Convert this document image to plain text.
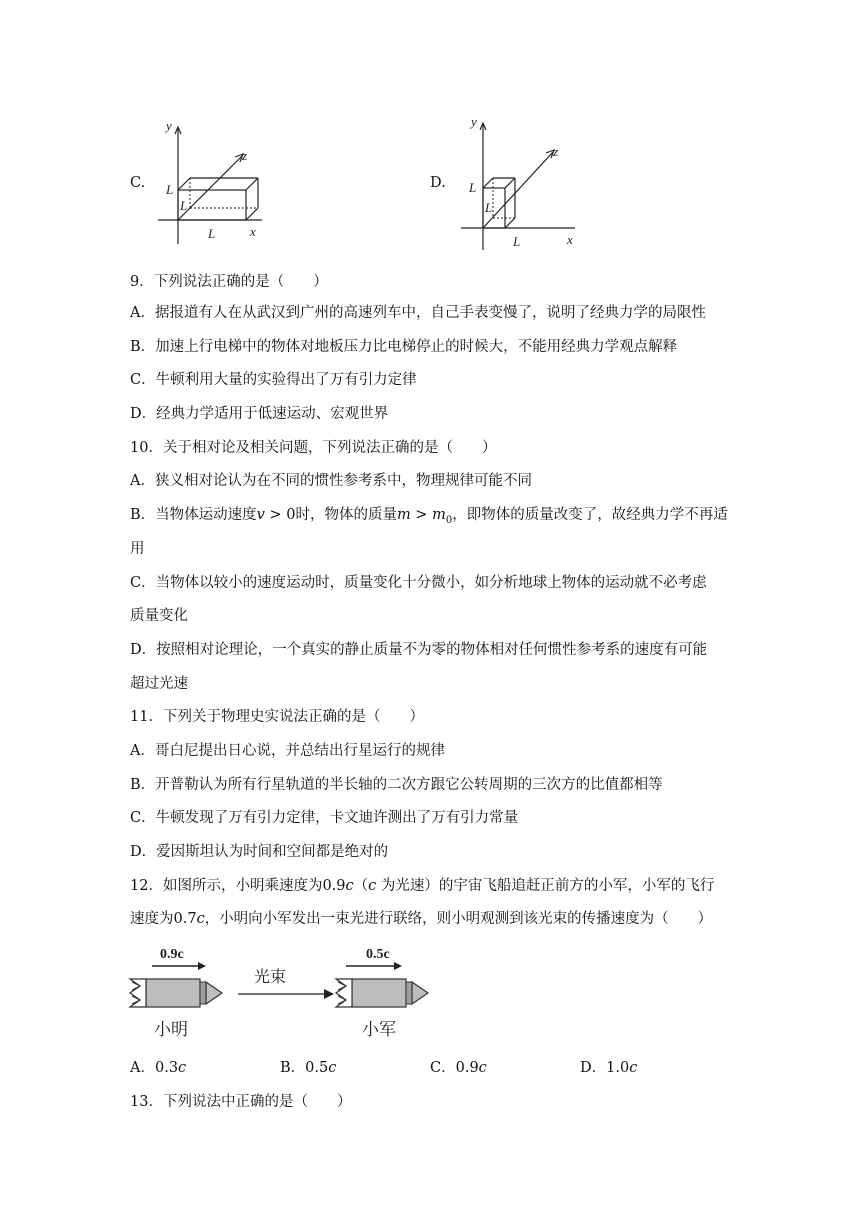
C.
y
z
x
L
L
L
D.
y
z
x
L
L
L
9．下列说法正确的是（　　）
A．据报道有人在从武汉到广州的高速列车中，自己手表变慢了，说明了经典力学的局限性
B．加速上行电梯中的物体对地板压力比电梯停止的时候大，不能用经典力学观点解释
C．牛顿利用大量的实验得出了万有引力定律
D．经典力学适用于低速运动、宏观世界
10．关于相对论及相关问题，下列说法正确的是（　　）
A．狭义相对论认为在不同的惯性参考系中，物理规律可能不同
B．当物体运动速度v > 0时，物体的质量$m > m_0$，即物体的质量改变了，故经典力学不再适
用
C．当物体以较小的速度运动时，质量变化十分微小，如分析地球上物体的运动就不必考虑
质量变化
D．按照相对论理论，一个真实的静止质量不为零的物体相对任何惯性参考系的速度有可能
超过光速
11．下列关于物理史实说法正确的是（　　）
A．哥白尼提出日心说，并总结出行星运行的规律
B．开普勒认为所有行星轨道的半长轴的二次方跟它公转周期的三次方的比值都相等
C．牛顿发现了万有引力定律，卡文迪许测出了万有引力常量
D．爱因斯坦认为时间和空间都是绝对的
12．如图所示，小明乘速度为0.9c（c 为光速）的宇宙飞船追赶正前方的小军，小军的飞行
速度为0.7c，小明向小军发出一束光进行联络，则小明观测到该光束的传播速度为（　　）
0.9c
小明
光束
0.5c
小军
A．0.3c	B．0.5c	C．0.9c	D．1.0c
13．下列说法中正确的是（　　）
